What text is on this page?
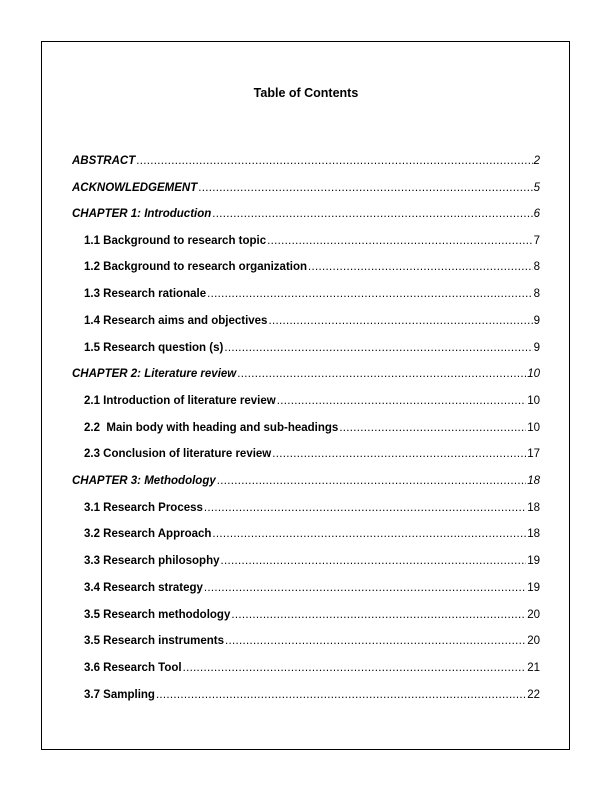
Table of Contents
ABSTRACT .....	2
ACKNOWLEDGEMENT .....	5
CHAPTER 1: Introduction .....	6
1.1 Background to research topic .....	7
1.2 Background to research organization .....	8
1.3 Research rationale .....	8
1.4 Research aims and objectives .....	9
1.5 Research question (s) .....	9
CHAPTER 2: Literature review .....	10
2.1 Introduction of literature review .....	10
2.2  Main body with heading and sub-headings .....	10
2.3 Conclusion of literature review .....	17
CHAPTER 3: Methodology .....	18
3.1 Research Process .....	18
3.2 Research Approach .....	18
3.3 Research philosophy .....	19
3.4 Research strategy .....	19
3.5 Research methodology .....	20
3.5 Research instruments .....	20
3.6 Research Tool .....	21
3.7 Sampling .....	22
